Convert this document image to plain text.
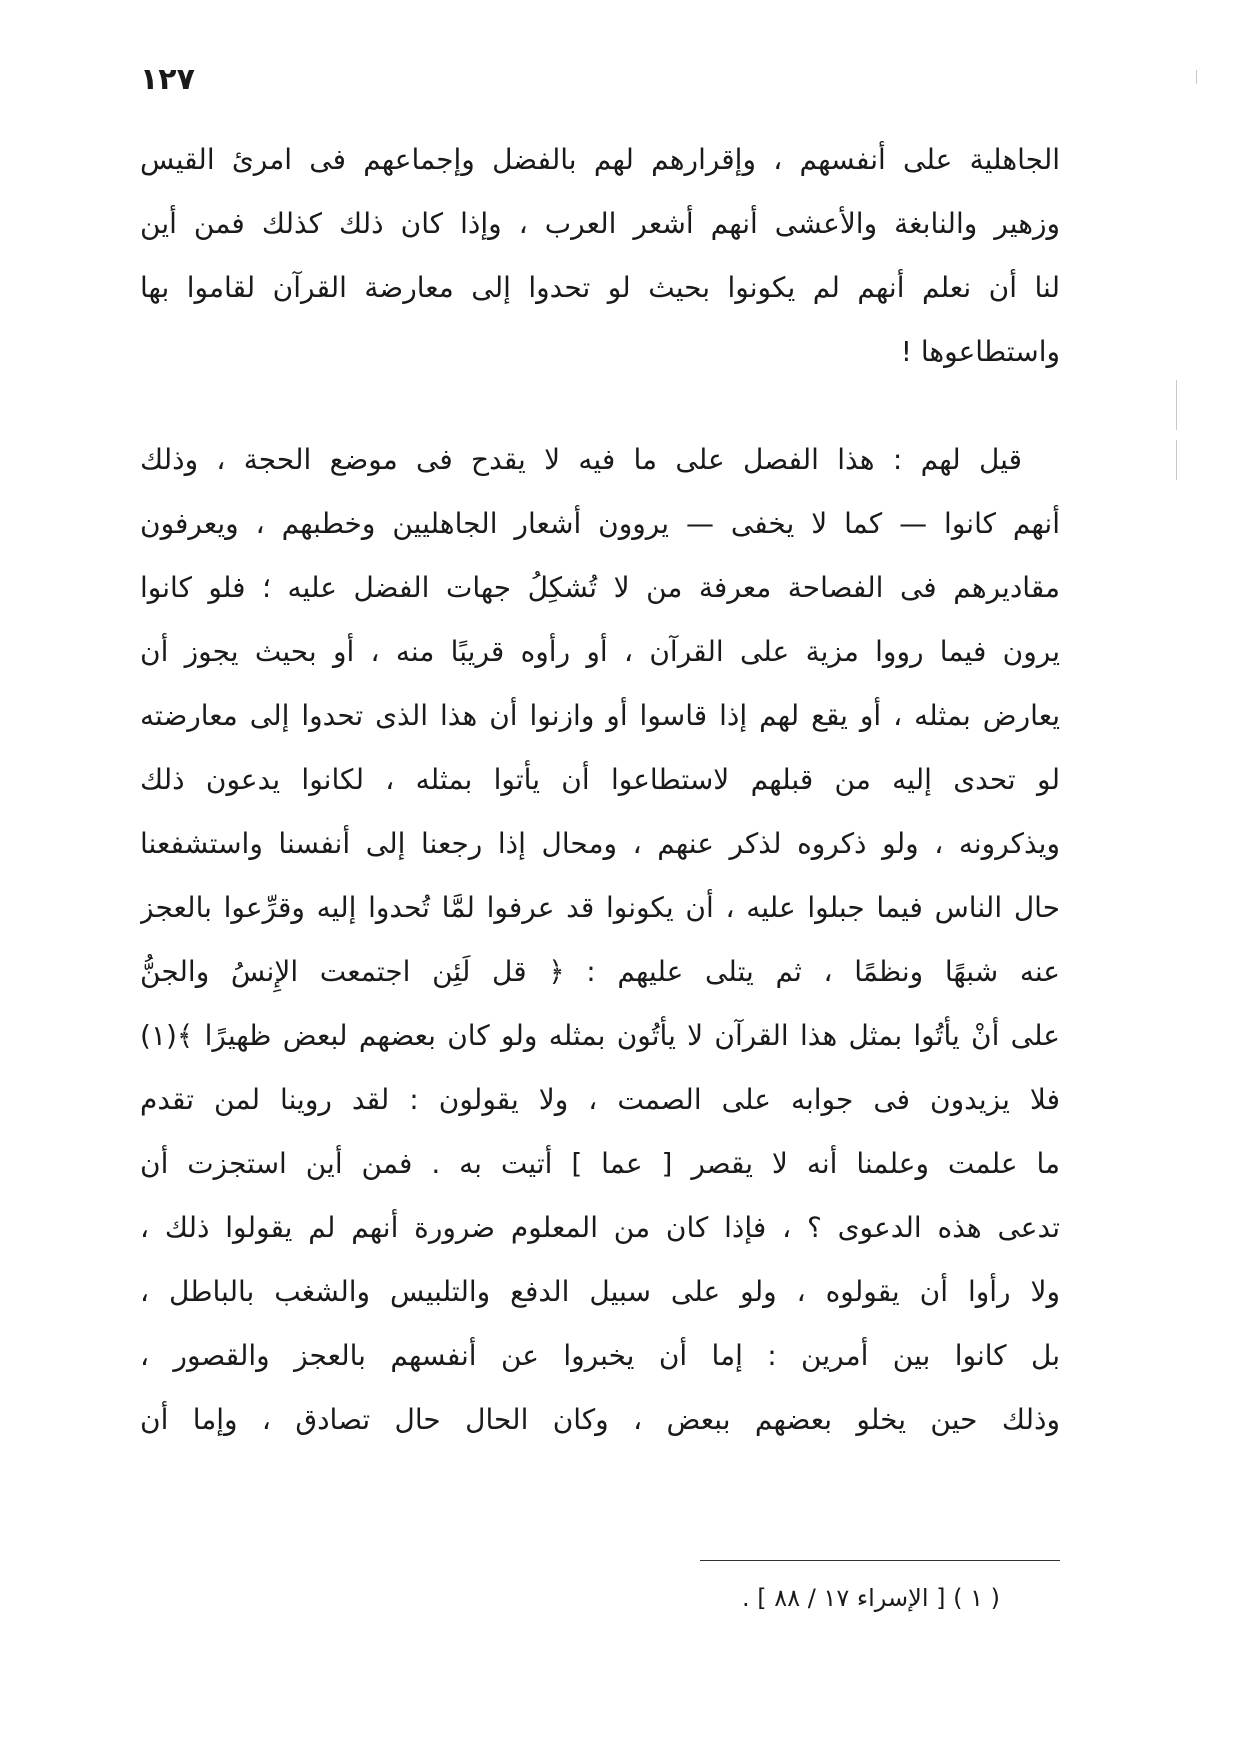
١٢٧
الجاهلية على أنفسهم ، وإقرارهم لهم بالفضل وإجماعهم فى امرئ القيس
وزهير والنابغة والأعشى أنهم أشعر العرب ، وإذا كان ذلك كذلك فمن أين
لنا أن نعلم أنهم لم يكونوا بحيث لو تحدوا إلى معارضة القرآن لقاموا بها
واستطاعوها !
قيل لهم : هذا الفصل على ما فيه لا يقدح فى موضع الحجة ، وذلك
أنهم كانوا — كما لا يخفى — يروون أشعار الجاهليين وخطبهم ، ويعرفون
مقاديرهم فى الفصاحة معرفة من لا تُشكِلُ جهات الفضل عليه ؛ فلو كانوا
يرون فيما رووا مزية على القرآن ، أو رأوه قريبًا منه ، أو بحيث يجوز أن
يعارض بمثله ، أو يقع لهم إذا قاسوا أو وازنوا أن هذا الذى تحدوا إلى معارضته
لو تحدى إليه من قبلهم لاستطاعوا أن يأتوا بمثله ، لكانوا يدعون ذلك
ويذكرونه ، ولو ذكروه لذكر عنهم ، ومحال إذا رجعنا إلى أنفسنا واستشفعنا
حال الناس فيما جبلوا عليه ، أن يكونوا قد عرفوا لمَّا تُحدوا إليه وقرِّعوا بالعجز
عنه شبهًا ونظمًا ، ثم يتلى عليهم : ﴿ قل لَئِن اجتمعت الإِنسُ والجنُّ
على أنْ يأتُوا بمثل هذا القرآن لا يأتُون بمثله ولو كان بعضهم لبعض ظهيرًا ﴾(١)
فلا يزيدون فى جوابه على الصمت ، ولا يقولون : لقد روينا لمن تقدم
ما علمت وعلمنا أنه لا يقصر [ عما ] أتيت به . فمن أين استجزت أن
تدعى هذه الدعوى ؟ ، فإذا كان من المعلوم ضرورة أنهم لم يقولوا ذلك ،
ولا رأوا أن يقولوه ، ولو على سبيل الدفع والتلبيس والشغب بالباطل ،
بل كانوا بين أمرين : إما أن يخبروا عن أنفسهم بالعجز والقصور ،
وذلك حين يخلو بعضهم ببعض ، وكان الحال حال تصادق ، وإما أن
( ١ ) [ الإسراء ١٧ / ٨٨ ] .
